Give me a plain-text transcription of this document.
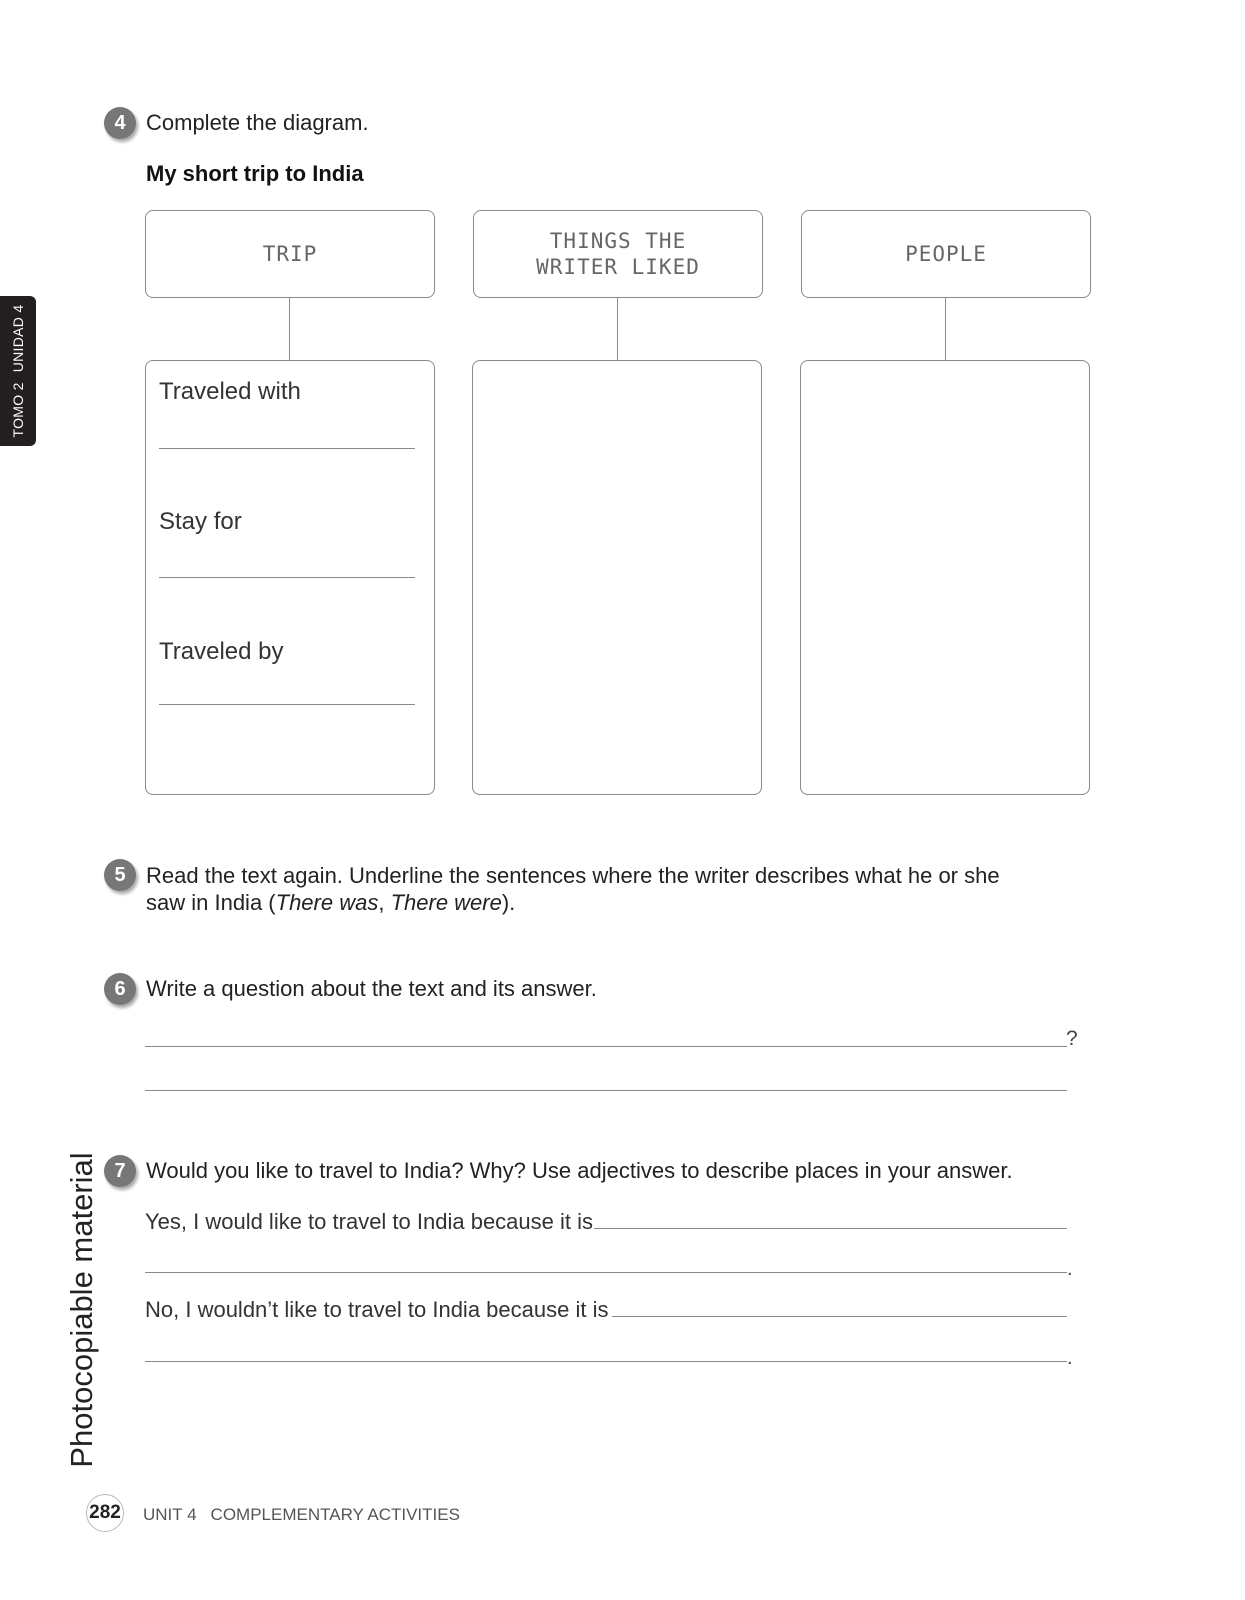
TOMO 2UNIDAD 4
Photocopiable material
4 Complete the diagram.
My short trip to India
TRIP
THINGS THE
WRITER LIKED
PEOPLE
Traveled with
Stay for
Traveled by
5 Read the text again. Underline the sentences where the writer describes what he or she
saw in India (There was, There were).
6 Write a question about the text and its answer.
?
7 Would you like to travel to India? Why? Use adjectives to describe places in your answer.
Yes, I would like to travel to India because it is
.
No, I wouldn’t like to travel to India because it is
.
282 UNIT 4 COMPLEMENTARY ACTIVITIES
